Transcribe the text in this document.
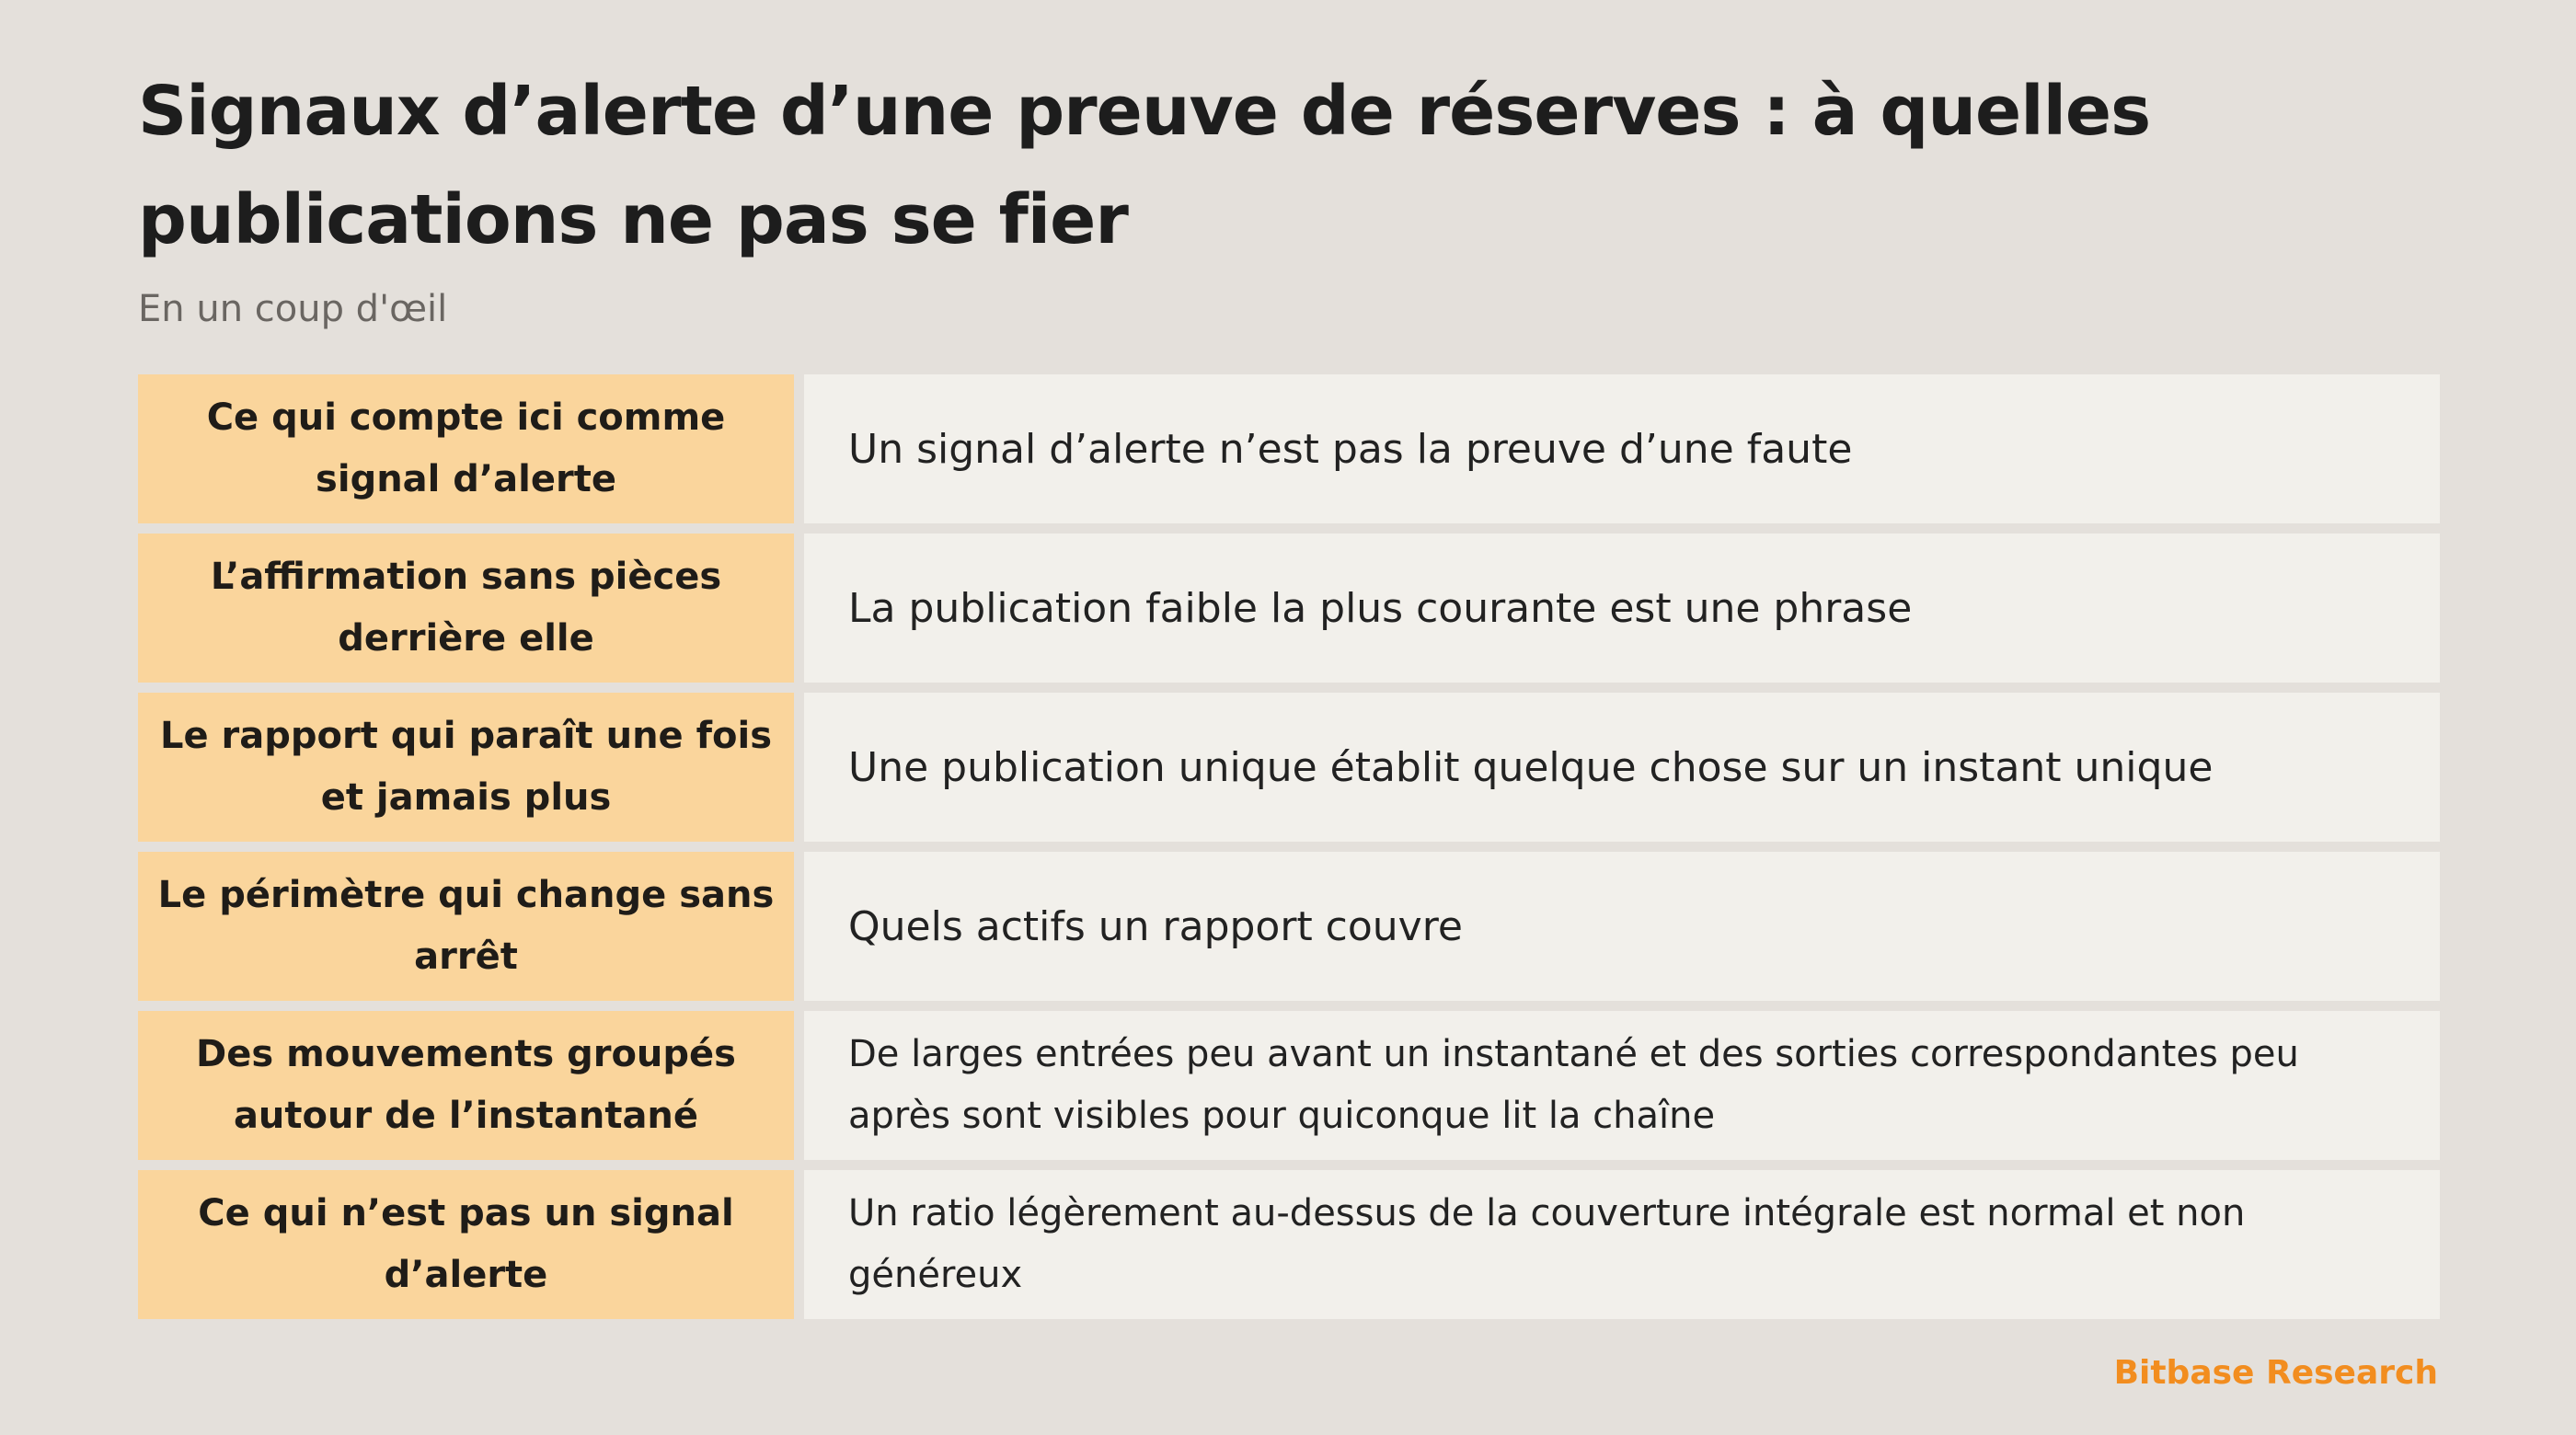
Signaux d’alerte d’une preuve de réserves : à quelles publications ne pas se fier
En un coup d'œil
Ce qui compte ici comme signal d’alerte
Un signal d’alerte n’est pas la preuve d’une faute
L’affirmation sans pièces derrière elle
La publication faible la plus courante est une phrase
Le rapport qui paraît une fois et jamais plus
Une publication unique établit quelque chose sur un instant unique
Le périmètre qui change sans arrêt
Quels actifs un rapport couvre
Des mouvements groupés autour de l’instantané
De larges entrées peu avant un instantané et des sorties correspondantes peu après sont visibles pour quiconque lit la chaîne
Ce qui n’est pas un signal d’alerte
Un ratio légèrement au-dessus de la couverture intégrale est normal et non généreux
Bitbase Research
